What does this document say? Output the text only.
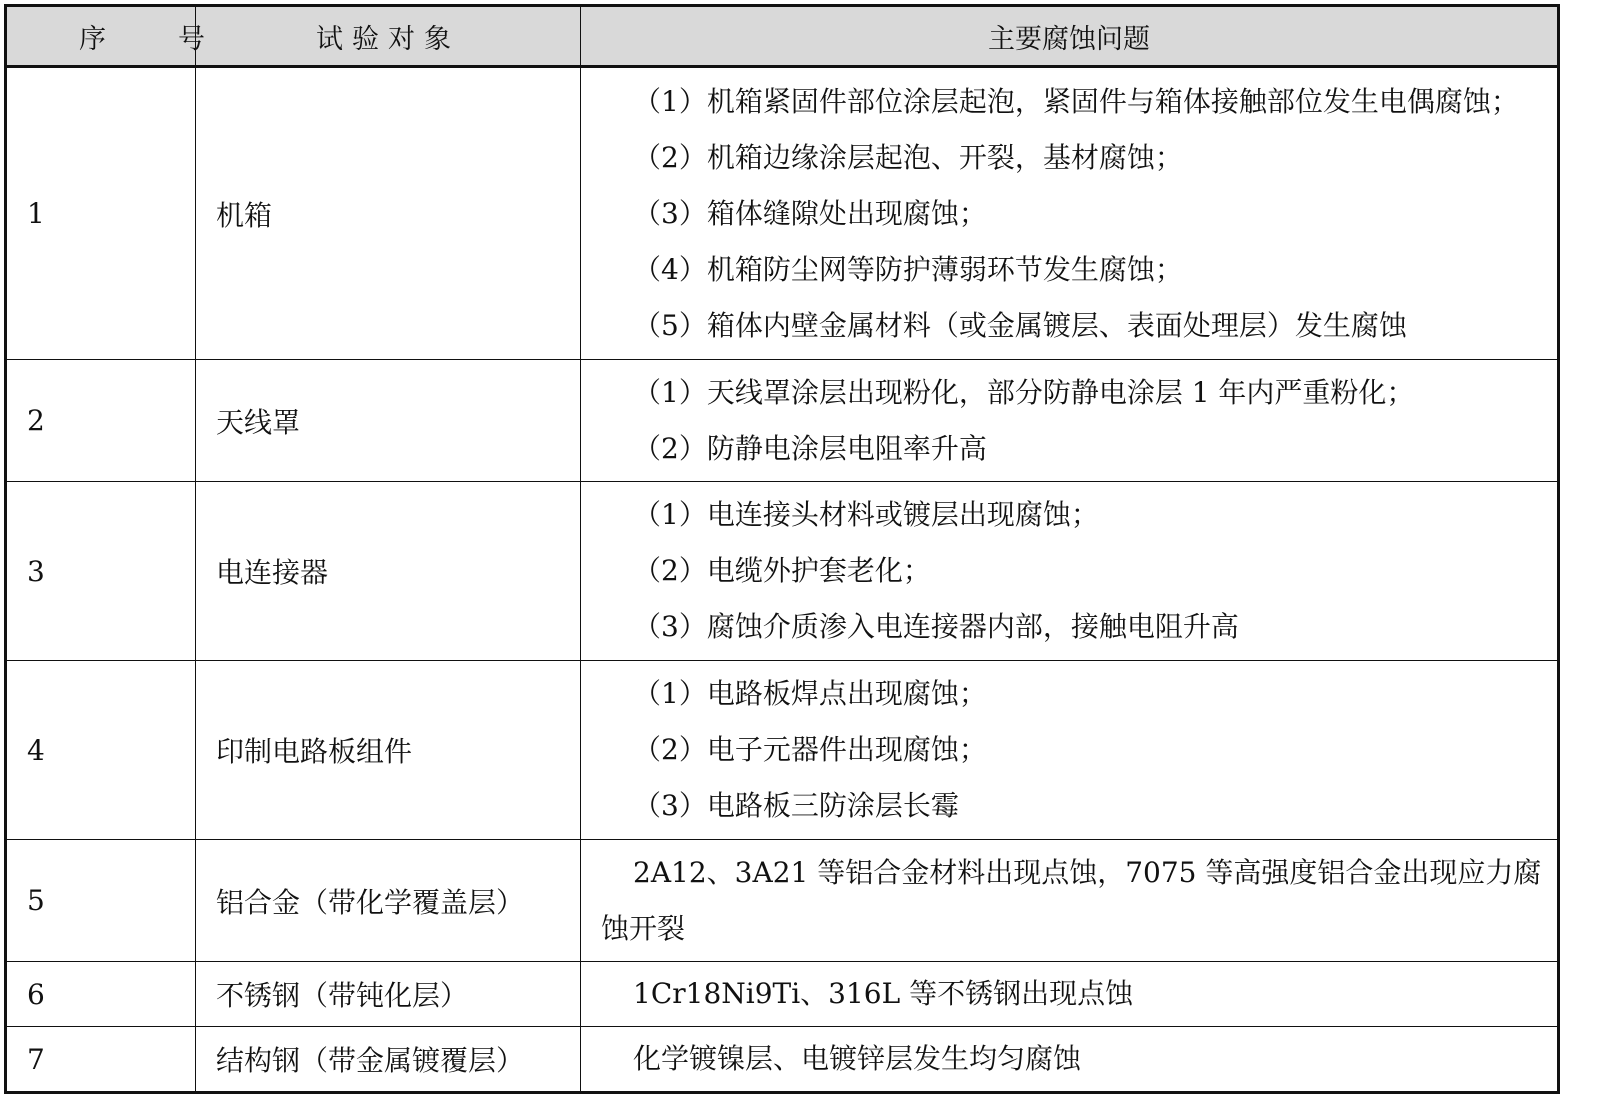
序 号	试验对象	主要腐蚀问题
1	机箱	（1）机箱紧固件部位涂层起泡，紧固件与箱体接触部位发生电偶腐蚀；
（2）机箱边缘涂层起泡、开裂，基材腐蚀；
（3）箱体缝隙处出现腐蚀；
（4）机箱防尘网等防护薄弱环节发生腐蚀；
（5）箱体内壁金属材料（或金属镀层、表面处理层）发生腐蚀

2	天线罩	（1）天线罩涂层出现粉化，部分防静电涂层 1 年内严重粉化；
（2）防静电涂层电阻率升高

3	电连接器	（1）电连接头材料或镀层出现腐蚀；
（2）电缆外护套老化；
（3）腐蚀介质渗入电连接器内部，接触电阻升高

4	印制电路板组件	（1）电路板焊点出现腐蚀；
（2）电子元器件出现腐蚀；
（3）电路板三防涂层长霉

5	铝合金（带化学覆盖层）	2A12、3A21 等铝合金材料出现点蚀，7075 等高强度铝合金出现应力腐蚀开裂

6	不锈钢（带钝化层）	1Cr18Ni9Ti、316L 等不锈钢出现点蚀

7	结构钢（带金属镀覆层）	化学镀镍层、电镀锌层发生均匀腐蚀
